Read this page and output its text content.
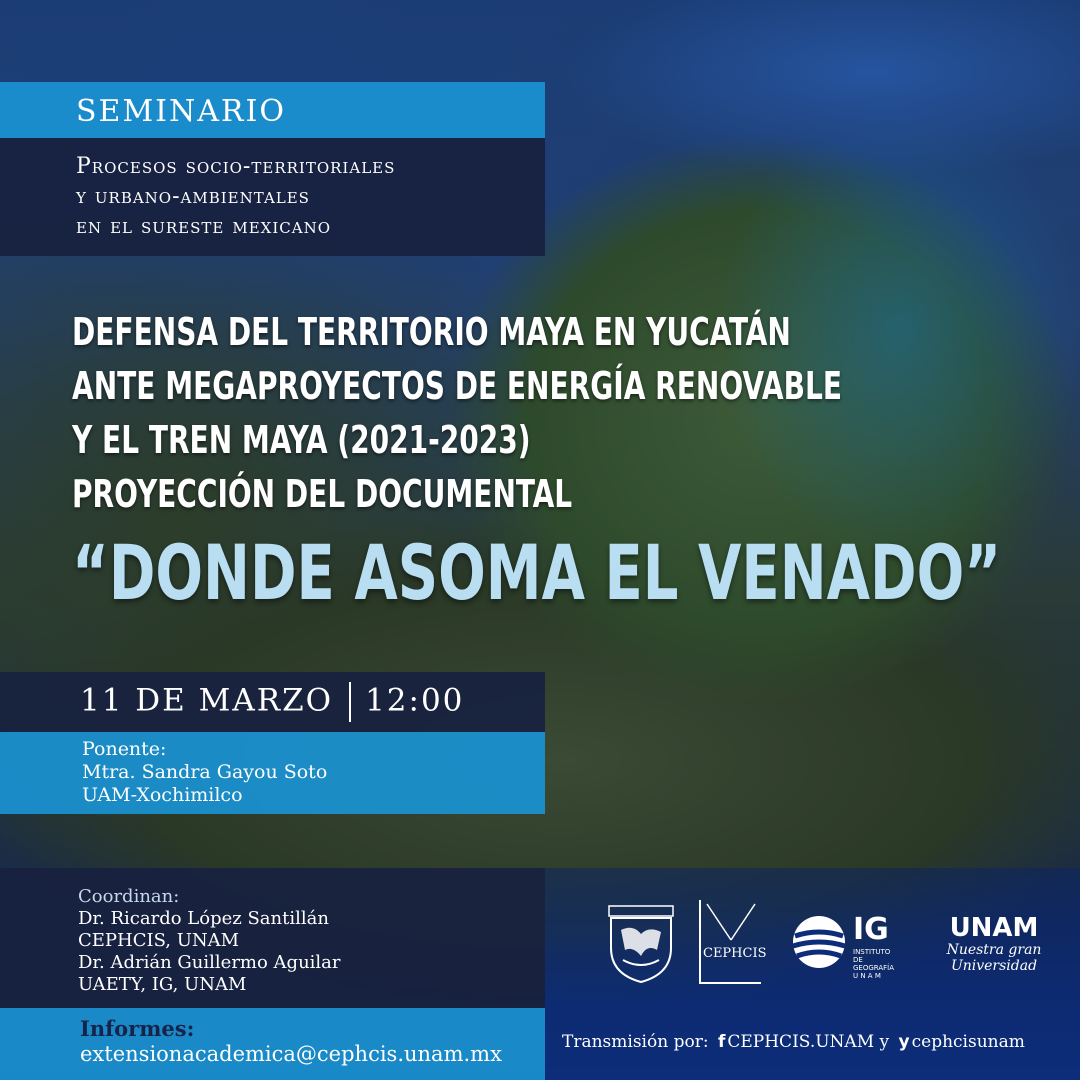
SEMINARIO
Procesos socio-territoriales
y urbano-ambientales
en el sureste mexicano
DEFENSA DEL TERRITORIO MAYA EN YUCATÁN
ANTE MEGAPROYECTOS DE ENERGÍA RENOVABLE
Y EL TREN MAYA (2021-2023)
PROYECCIÓN DEL DOCUMENTAL
“DONDE ASOMA EL VENADO”
11 DE MARZO 12:00
Ponente:
Mtra. Sandra Gayou Soto
UAM-Xochimilco
Coordinan:
Dr. Ricardo López Santillán
CEPHCIS, UNAM
Dr. Adrián Guillermo Aguilar
UAETY, IG, UNAM
Informes:
extensionacademica@cephcis.unam.mx
CEPHCIS
IG
INSTITUTO DE GEOGRAFÍA U N A M
UNAM
Nuestra gran
Universidad
Transmisión por: f CEPHCIS.UNAM y y cephcisunam
